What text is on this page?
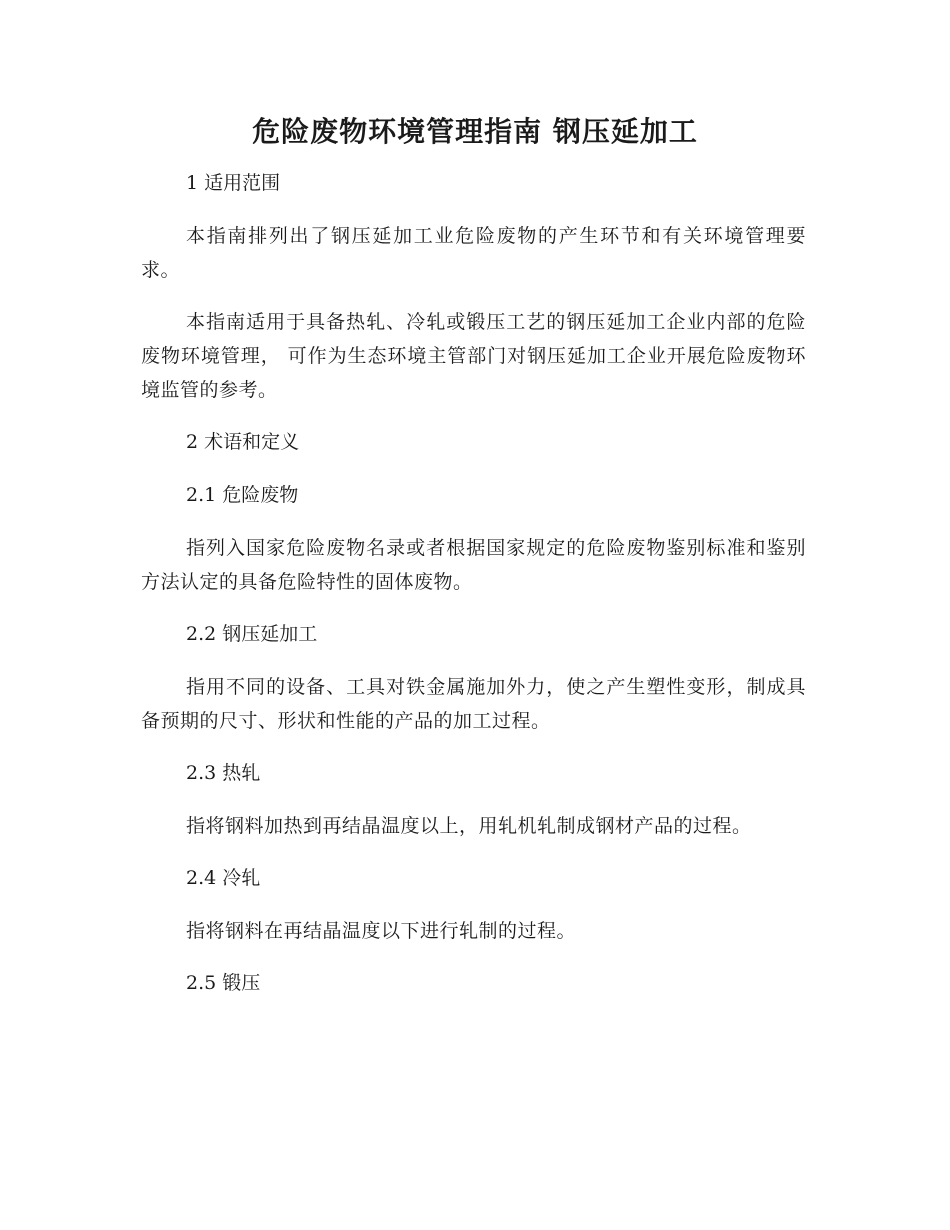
危险废物环境管理指南 钢压延加工
1 适用范围
本指南排列出了钢压延加工业危险废物的产生环节和有关环境管理要求。
本指南适用于具备热轧、冷轧或锻压工艺的钢压延加工企业内部的危险废物环境管理， 可作为生态环境主管部门对钢压延加工企业开展危险废物环境监管的参考。
2 术语和定义
2.1 危险废物
指列入国家危险废物名录或者根据国家规定的危险废物鉴别标准和鉴别方法认定的具备危险特性的固体废物。
2.2 钢压延加工
指用不同的设备、工具对铁金属施加外力，使之产生塑性变形，制成具备预期的尺寸、形状和性能的产品的加工过程。
2.3 热轧
指将钢料加热到再结晶温度以上，用轧机轧制成钢材产品的过程。
2.4 冷轧
指将钢料在再结晶温度以下进行轧制的过程。
2.5 锻压
